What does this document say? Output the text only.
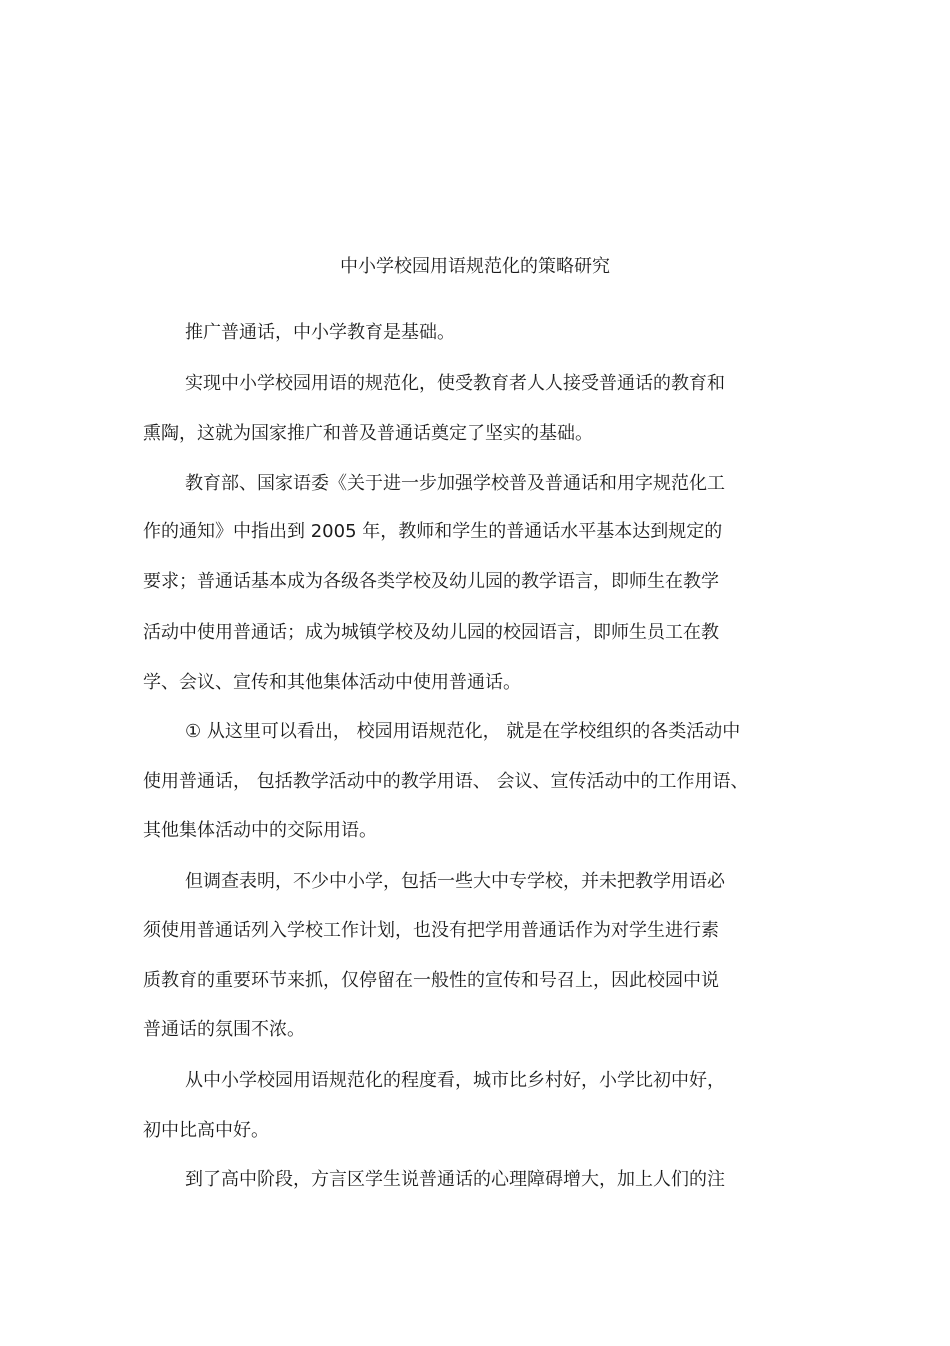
中小学校园用语规范化的策略研究
推广普通话，中小学教育是基础。
实现中小学校园用语的规范化，使受教育者人人接受普通话的教育和
熏陶，这就为国家推广和普及普通话奠定了坚实的基础。
教育部、国家语委《关于进一步加强学校普及普通话和用字规范化工
作的通知》中指出到 2005 年，教师和学生的普通话水平基本达到规定的
要求；普通话基本成为各级各类学校及幼儿园的教学语言，即师生在教学
活动中使用普通话；成为城镇学校及幼儿园的校园语言，即师生员工在教
学、会议、宣传和其他集体活动中使用普通话。
① 从这里可以看出， 校园用语规范化， 就是在学校组织的各类活动中
使用普通话， 包括教学活动中的教学用语、 会议、宣传活动中的工作用语、
其他集体活动中的交际用语。
但调查表明，不少中小学，包括一些大中专学校，并未把教学用语必
须使用普通话列入学校工作计划，也没有把学用普通话作为对学生进行素
质教育的重要环节来抓，仅停留在一般性的宣传和号召上，因此校园中说
普通话的氛围不浓。
从中小学校园用语规范化的程度看，城市比乡村好，小学比初中好，
初中比高中好。
到了高中阶段，方言区学生说普通话的心理障碍增大，加上人们的注
